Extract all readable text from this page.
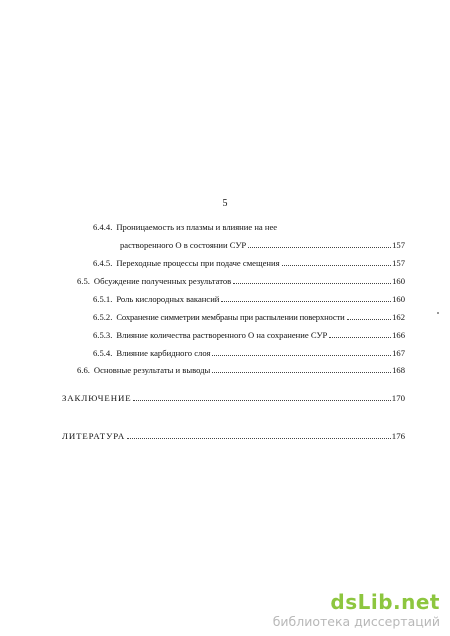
5
6.4.4. Проницаемость из плазмы и влияние на нее
растворенного О в состоянии СУР	157
6.4.5. Переходные процессы при подаче смещения	157
6.5. Обсуждение полученных результатов	160
6.5.1. Роль кислородных вакансий	160
6.5.2. Сохранение симметрии мембраны при распылении поверхности	162
6.5.3. Влияние количества растворенного О на сохранение СУР	166
6.5.4. Влияние карбидного слоя	167
6.6. Основные результаты и выводы	168
ЗАКЛЮЧЕНИЕ	170
ЛИТЕРАТУРА	176
dsLib.net
библиотека диссертаций
